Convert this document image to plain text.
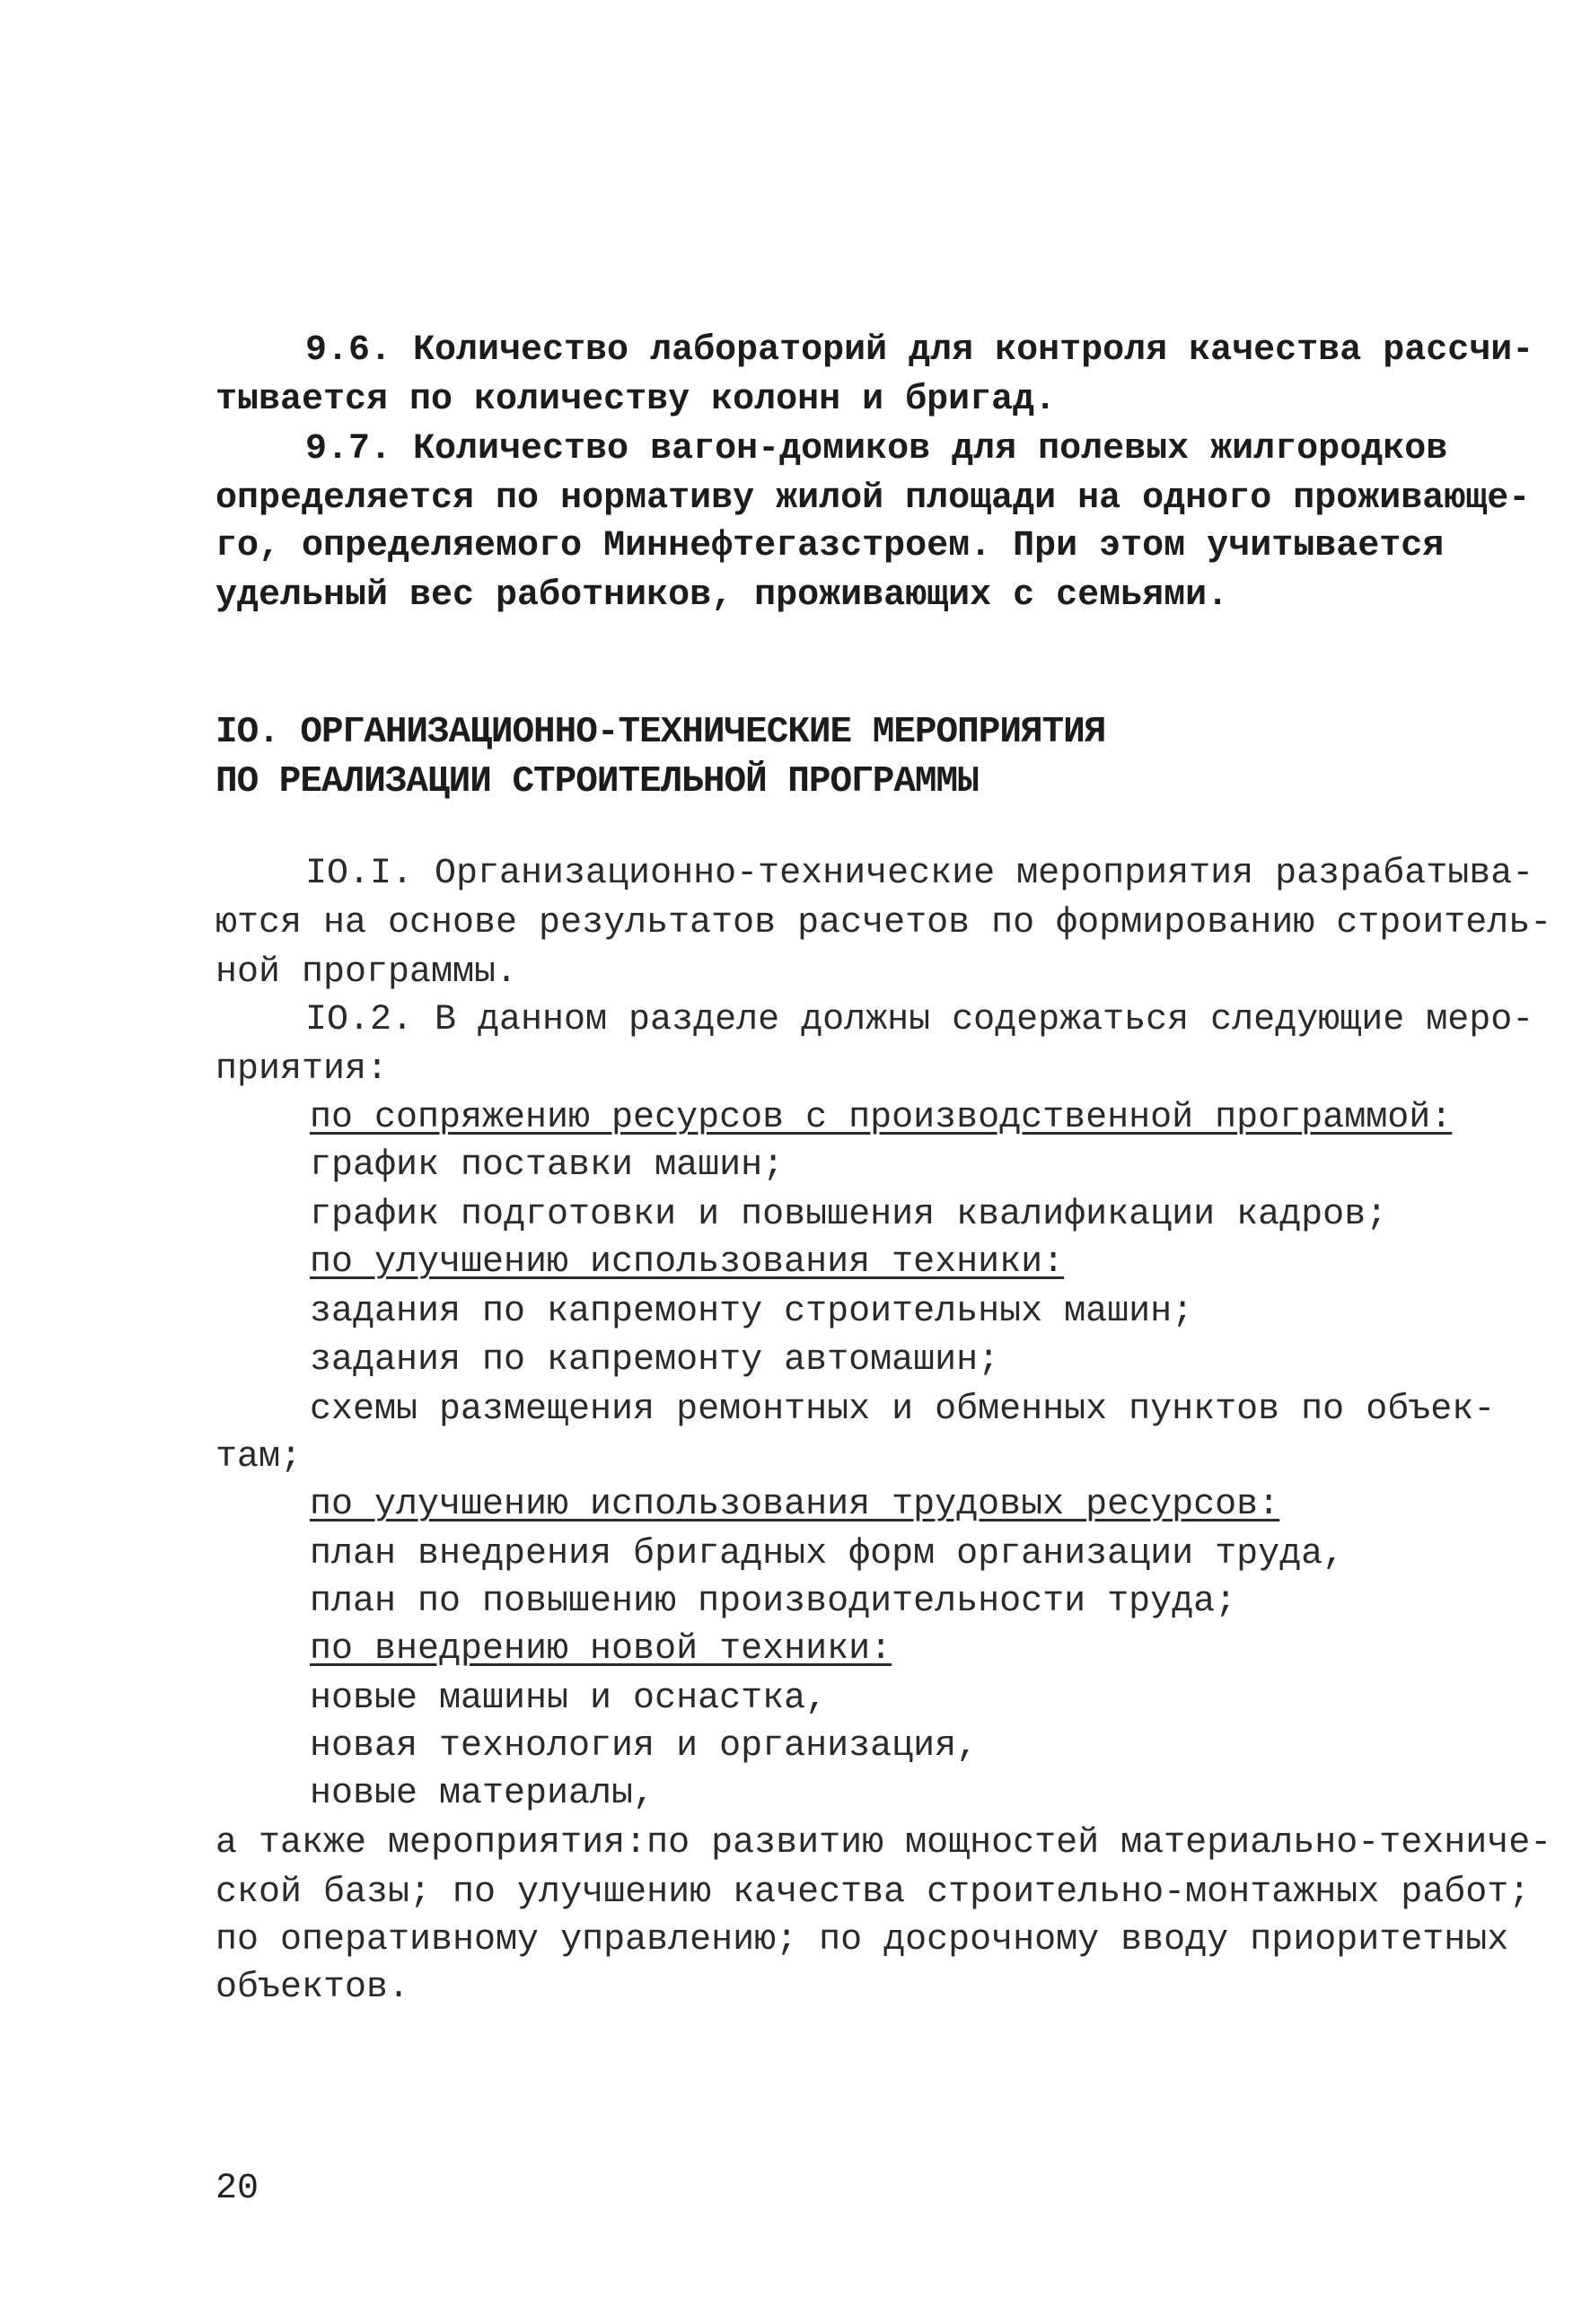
9.6. Количество лабораторий для контроля качества рассчи-
тывается по количеству колонн и бригад.
9.7. Количество вагон-домиков для полевых жилгородков
определяется по нормативу жилой площади на одного проживающе-
го, определяемого Миннефтегазстроем. При этом учитывается
удельный вес работников, проживающих с семьями.
IO. ОРГАНИЗАЦИОННО-ТЕХНИЧЕСКИЕ МЕРОПРИЯТИЯ
ПО РЕАЛИЗАЦИИ СТРОИТЕЛЬНОЙ ПРОГРАММЫ
IO.I. Организационно-технические мероприятия разрабатыва-
ются на основе результатов расчетов по формированию строитель-
ной программы.
IO.2. В данном разделе должны содержаться следующие меро-
приятия:
по сопряжению ресурсов с производственной программой:
график поставки машин;
график подготовки и повышения квалификации кадров;
по улучшению использования техники:
задания по капремонту строительных машин;
задания по капремонту автомашин;
схемы размещения ремонтных и обменных пунктов по объек-
там;
по улучшению использования трудовых ресурсов:
план внедрения бригадных форм организации труда,
план по повышению производительности труда;
по внедрению новой техники:
новые машины и оснастка,
новая технология и организация,
новые материалы,
а также мероприятия:по развитию мощностей материально-техниче-
ской базы; по улучшению качества строительно-монтажных работ;
по оперативному управлению; по досрочному вводу приоритетных
объектов.
20
